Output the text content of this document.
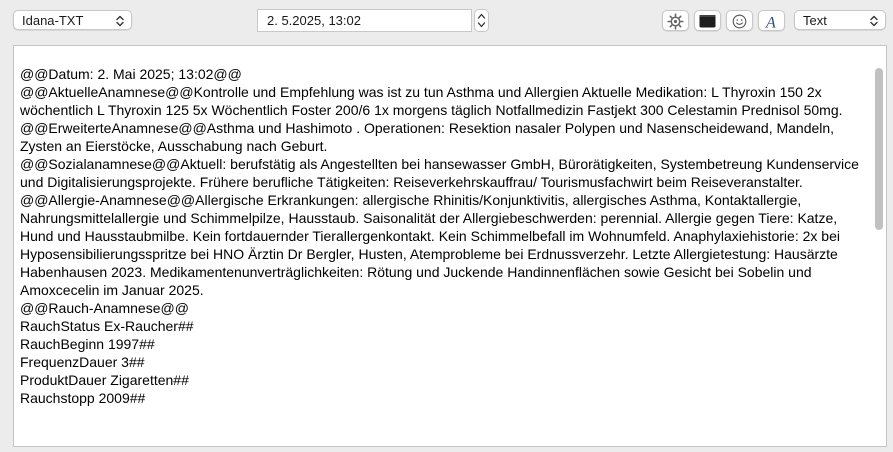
Idana-TXT	2. 5.2025, 13:02	A Text
@@Datum: 2. Mai 2025; 13:02@@
@@AktuelleAnamnese@@Kontrolle und Empfehlung was ist zu tun Asthma und Allergien Aktuelle Medikation: L Thyroxin 150 2x wöchentlich L Thyroxin 125 5x Wöchentlich Foster 200/6 1x morgens täglich Notfallmedizin Fastjekt 300 Celestamin Prednisol 50mg.
@@ErweiterteAnamnese@@Asthma und Hashimoto . Operationen: Resektion nasaler Polypen und Nasenscheidewand, Mandeln, Zysten an Eierstöcke, Ausschabung nach Geburt.
@@Sozialanamnese@@Aktuell: berufstätig als Angestellten bei hansewasser GmbH, Bürorätigkeiten, Systembetreung Kundenservice und Digitalisierungsprojekte. Frühere berufliche Tätigkeiten: Reiseverkehrskauffrau/ Tourismusfachwirt beim Reiseveranstalter.
@@Allergie-Anamnese@@Allergische Erkrankungen: allergische Rhinitis/Konjunktivitis, allergisches Asthma, Kontaktallergie, Nahrungsmittelallergie und Schimmelpilze, Hausstaub. Saisonalität der Allergiebeschwerden: perennial. Allergie gegen Tiere: Katze, Hund und Hausstaubmilbe. Kein fortdauernder Tierallergenkontakt. Kein Schimmelbefall im Wohnumfeld. Anaphylaxiehistorie: 2x bei Hyposensibilierungsspritze bei HNO Ärztin Dr Bergler, Husten, Atemprobleme bei Erdnussverzehr. Letzte Allergietestung: Hausärzte Habenhausen 2023. Medikamentenunverträglichkeiten: Rötung und Juckende Handinnenflächen sowie Gesicht bei Sobelin und Amoxcecelin im Januar 2025.
@@Rauch-Anamnese@@
RauchStatus Ex-Raucher##
RauchBeginn 1997##
FrequenzDauer 3##
ProduktDauer Zigaretten##
Rauchstopp 2009##
